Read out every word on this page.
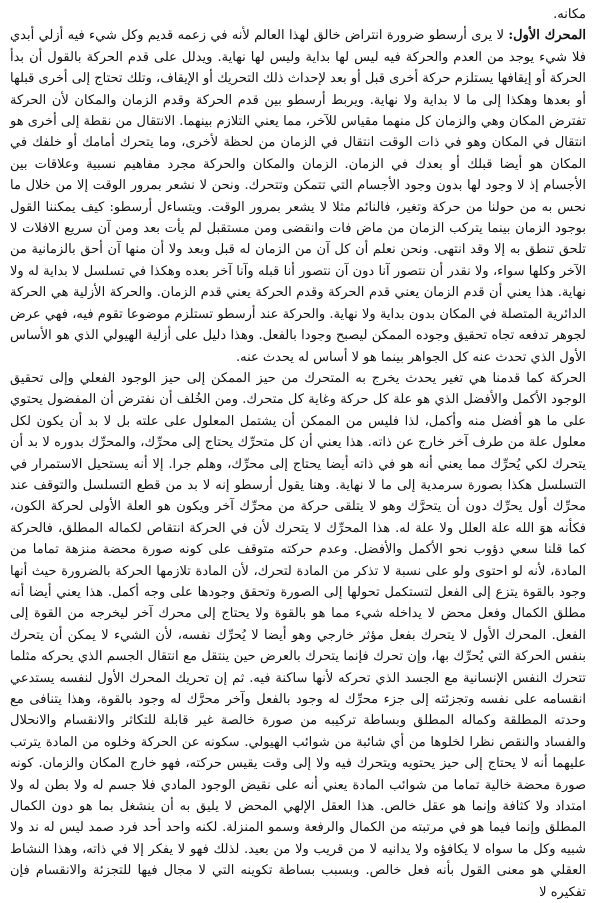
مكانه.

المحرك الأول: لا يرى أرسطو ضرورة انتراض خالق لهذا العالم لأنه في زعمه قديم وكل شيء فيه أزلي أبدي فلا شيء يوجد من العدم والحركة فيه ليس لها بداية وليس لها نهاية. ويدلل على قدم الحركة بالقول أن بدأ الحركة أو إيقافها يستلزم حركة أخرى قبل أو بعد لإحداث ذلك التحريك أو الإيقاف، وتلك تحتاج إلى أخرى قبلها أو بعدها وهكذا إلى ما لا بداية ولا نهاية. ويربط أرسطو بين قدم الحركة وقدم الزمان والمكان لأن الحركة تفترض المكان وهي والزمان كل منهما مقياس للآخر، مما يعني التلازم بينهما. الانتقال من نقطة إلى أخرى هو انتقال في المكان وهو في ذات الوقت انتقال في الزمان من لحظة لأخرى، وما يتحرك أمامك أو خلفك في المكان هو أيضا قبلك أو بعدك في الزمان. الزمان والمكان والحركة مجرد مفاهيم نسبية وعلاقات بين الأجسام إذ لا وجود لها بدون وجود الأجسام التي تتمكن وتتحرك. ونحن لا نشعر بمرور الوقت إلا من خلال ما نحس به من حولنا من حركة وتغير، فالنائم مثلا لا يشعر بمرور الوقت. ويتساءل أرسطو: كيف يمكننا القول بوجود الزمان بينما يتركب الزمان من ماض فات وانقضى ومن مستقبل لم يأت بعد ومن آن سريع الافلات لا تلحق تنطق به إلا وقد انتهى. ونحن نعلم أن كل آن من الزمان له قبل وبعد ولا أن منها آن أحق بالزمانية من الآخر وكلها سواء، ولا نقدر أن نتصور آنا دون آن نتصور أنا قبله وآنا آخر بعده وهكذا في تسلسل لا بداية له ولا نهاية. هذا يعني أن قدم الزمان يعني قدم الحركة وقدم الحركة يعني قدم الزمان. والحركة الأزلية هي الحركة الدائرية المتصلة في المكان بدون بداية ولا نهاية. والحركة عند أرسطو تستلزم موضوعا تقوم فيه، فهي عرض لجوهر تدفعه تجاه تحقيق وجوده الممكن ليصبح وجودا بالفعل. وهذا دليل على أزلية الهيولي الذي هو الأساس الأول الذي تحدث عنه كل الجواهر بينما هو لا أساس له يحدث عنه.

الحركة كما قدمنا هي تغير يحدث يخرج به المتحرك من حيز الممكن إلى حيز الوجود الفعلي وإلى تحقيق الوجود الأكمل والأفضل الذي هو علة كل حركة وغاية كل متحرك. ومن الخُلف أن نفترض أن المفضول يحتوي على ما هو أفضل منه وأكمل، لذا فليس من الممكن أن يشتمل المعلول على علته بل لا بد أن يكون لكل معلول علة من طرف آخر خارج عن ذاته. هذا يعني أن كل متحرِّك يحتاج إلى محرِّك، والمحرِّك بدوره لا بد أن يتحرك لكي يُحرِّك مما يعني أنه هو في ذاته أيضا يحتاج إلى محرِّك، وهلم جرا. إلا أنه يستحيل الاستمرار في التسلسل هكذا بصورة سرمدية إلى ما لا نهاية. وهنا يقول أرسطو إنه لا بد من قطع التسلسل والتوقف عند محرِّك أول يحرِّك دون أن يتحرَّك وهو لا يتلقى حركة من محرِّك آخر ويكون هو العلة الأولى لحركة الكون، فكأنه هوَ الله علة العلل ولا علة له. هذا المحرِّك لا يتحرك لأن في الحركة انتقاص لكماله المطلق، فالحركة كما قلنا سعي دؤوب نحو الأكمل والأفضل. وعدم حركته متوقف على كونه صورة محضة منزهة تماما من المادة، لأنه لو احتوى ولو على نسبة لا تذكر من المادة لتحرك، لأن المادة تلازمها الحركة بالضرورة حيث أنها وجود بالقوة يتزع إلى الفعل لتستكمل تحولها إلى الصورة وتحقق وجودها على وجه أكمل. هذا يعني أيضا أنه مطلق الكمال وفعل محض لا يداخله شيء مما هو بالقوة ولا يحتاج إلى محرك آخر ليخرجه من القوة إلى الفعل. المحرك الأول لا يتحرك بفعل مؤثر خارجي وهو أيضا لا يُحرِّك نفسه، لأن الشيء لا يمكن أن يتحرك بنفس الحركة التي يُحرِّك بها، وإن تحرك فإنما يتحرك بالعرض حين ينتقل مع انتقال الجسم الذي يحركه مثلما تتحرك النفس الإنسانية مع الجسد الذي تحركه لأنها ساكنة فيه. ثم إن تحريك المحرك الأول لنفسه يستدعي انقسامه على نفسه وتجزئته إلى جزء محرِّك له وجود بالفعل وآخر محرَّك له وجود بالقوة، وهذا يتنافى مع وحدته المطلقة وكماله المطلق وبساطة تركيبه من صورة خالصة غير قابلة للتكاثر والانقسام والانحلال والفساد والنقص نظرا لخلوها من أي شائبة من شوائب الهيولي. سكونه عن الحركة وخلوه من المادة يترتب عليهما أنه لا يحتاج إلى حيز يحتويه ويتحرك فيه ولا إلى وقت يقيس حركته، فهو خارج المكان والزمان. كونه صورة محضة خالية تماما من شوائب المادة يعني أنه على نقيض الوجود المادي فلا جسم له ولا بطن له ولا امتداد ولا كثافة وإنما هو عقل خالص. هذا العقل الإلهي المحض لا يليق به أن ينشغل بما هو دون الكمال المطلق وإنما فيما هو في مرتبته من الكمال والرفعة وسمو المنزلة. لكنه واحد أحد فرد صمد ليس له ند ولا شبيه وكل ما سواه لا يكافؤه ولا يدانيه لا من قريب ولا من بعيد. لذلك فهو لا يفكر إلا في ذاته، وهذا النشاط العقلي هو معنى القول بأنه فعل خالص. وبسبب بساطة تكوينه التي لا مجال فيها للتجزئة والانقسام فإن تفكيره لا
